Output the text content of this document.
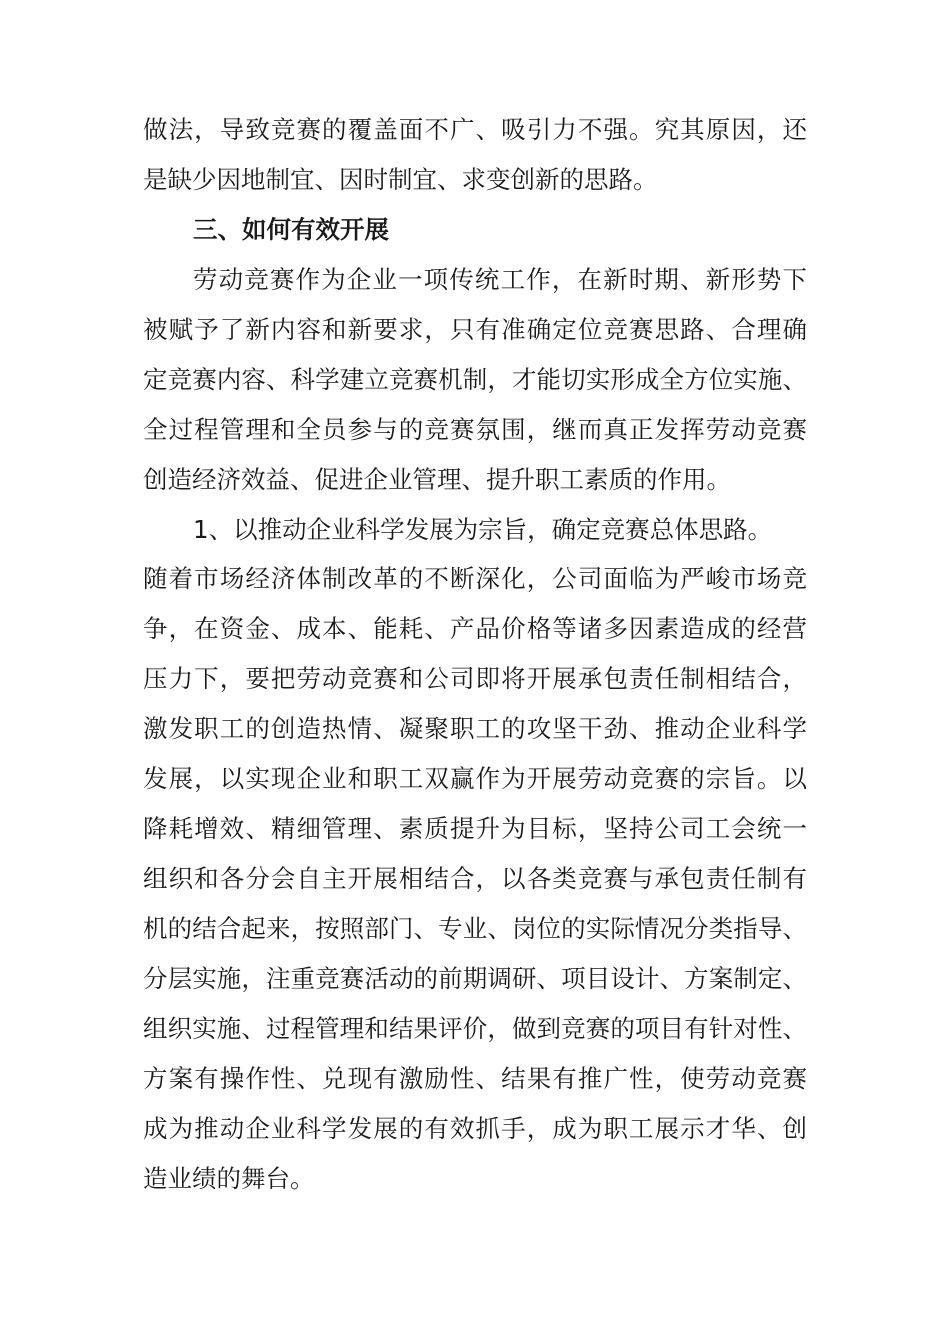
做法，导致竞赛的覆盖面不广、吸引力不强。究其原因，还
是缺少因地制宜、因时制宜、求变创新的思路。
三、如何有效开展
劳动竞赛作为企业一项传统工作，在新时期、新形势下
被赋予了新内容和新要求，只有准确定位竞赛思路、合理确
定竞赛内容、科学建立竞赛机制，才能切实形成全方位实施、
全过程管理和全员参与的竞赛氛围，继而真正发挥劳动竞赛
创造经济效益、促进企业管理、提升职工素质的作用。
1、以推动企业科学发展为宗旨，确定竞赛总体思路。
随着市场经济体制改革的不断深化，公司面临为严峻市场竞
争，在资金、成本、能耗、产品价格等诸多因素造成的经营
压力下，要把劳动竞赛和公司即将开展承包责任制相结合，
激发职工的创造热情、凝聚职工的攻坚干劲、推动企业科学
发展，以实现企业和职工双赢作为开展劳动竞赛的宗旨。以
降耗增效、精细管理、素质提升为目标，坚持公司工会统一
组织和各分会自主开展相结合，以各类竞赛与承包责任制有
机的结合起来，按照部门、专业、岗位的实际情况分类指导、
分层实施，注重竞赛活动的前期调研、项目设计、方案制定、
组织实施、过程管理和结果评价，做到竞赛的项目有针对性、
方案有操作性、兑现有激励性、结果有推广性，使劳动竞赛
成为推动企业科学发展的有效抓手，成为职工展示才华、创
造业绩的舞台。
